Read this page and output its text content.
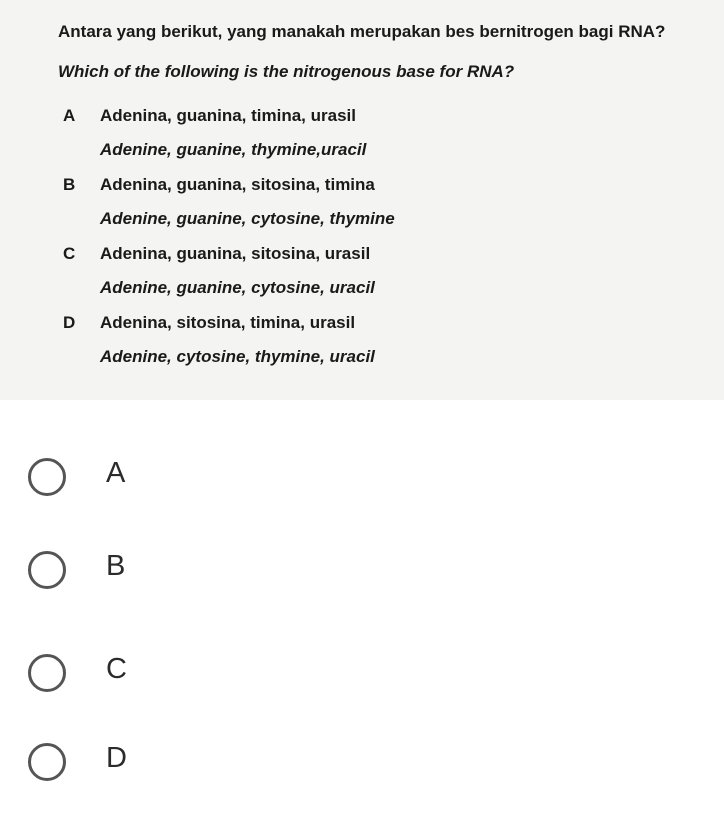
Antara yang berikut, yang manakah merupakan bes bernitrogen bagi RNA?
Which of the following is the nitrogenous base for RNA?
A Adenina, guanina, timina, urasil
Adenine, guanine, thymine,uracil
B Adenina, guanina, sitosina, timina
Adenine, guanine, cytosine, thymine
C Adenina, guanina, sitosina, urasil
Adenine, guanine, cytosine, uracil
D Adenina, sitosina, timina, urasil
Adenine, cytosine, thymine, uracil
A
B
C
D
